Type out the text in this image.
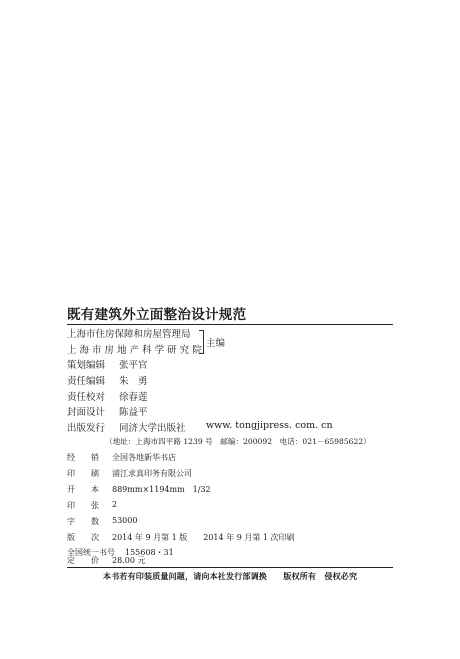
既有建筑外立面整治设计规范
上海市住房保障和房屋管理局
上 海 市 房 地 产 科 学 研 究 院
主编
策划编辑 张平官
责任编辑 朱　勇
责任校对 徐春莲
封面设计 陈益平
出版发行 同济大学出版社 www. tongjipress. com. cn
（地址：上海市四平路 1239 号　邮编：200092　电话：021－65985622）
经　　销 全国各地新华书店
印　　刷 浦江求真印务有限公司
开　　本 889mm×1194mm　1/32
印　　张 2
字　　数 53000
版　　次 2014 年 9 月第 1 版　　2014 年 9 月第 1 次印刷
全国统一书号 155608・31
定　　价 28.00 元
本书若有印装质量问题，请向本社发行部调换　　版权所有　侵权必究
